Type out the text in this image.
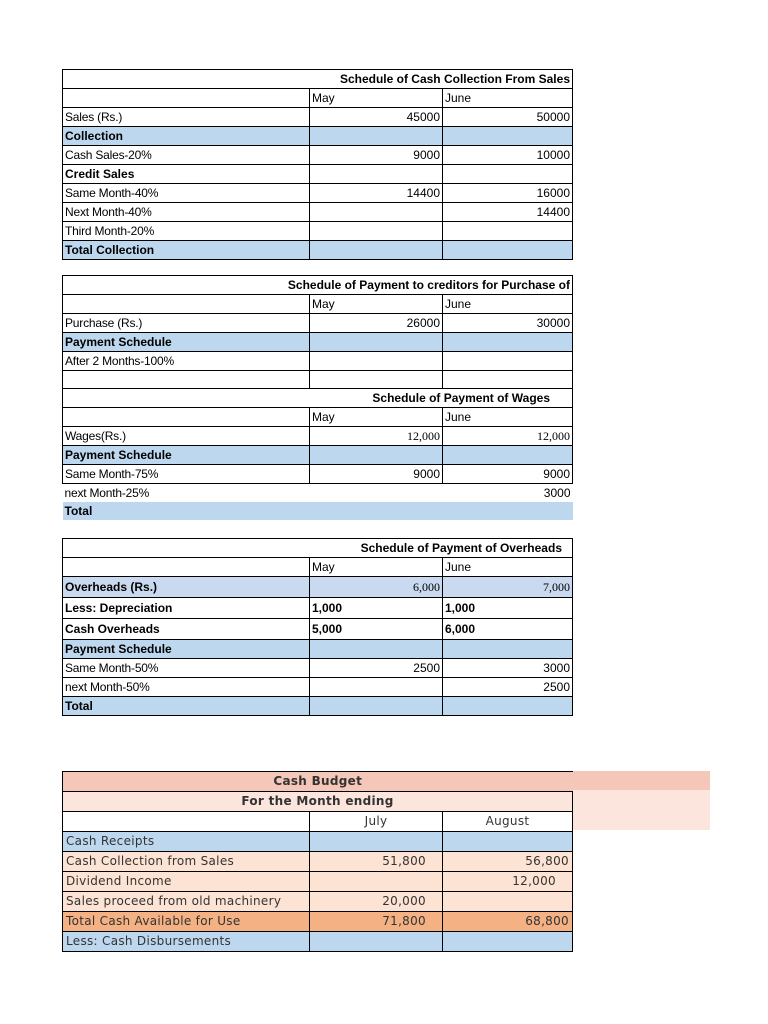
Schedule of Cash Collection From Sales		
	May	June
Sales (Rs.)	45000	50000
Collection		
Cash Sales-20%	9000	10000
Credit Sales		
Same Month-40%	14400	16000
Next Month-40%		14400
Third Month-20%		
Total Collection		
Schedule of Payment to creditors for Purchase of		
	May	June
Purchase (Rs.)	26000	30000
Payment Schedule		
After 2 Months-100%		

Schedule of Payment of Wages		
	May	June
Wages(Rs.)	12,000	12,000
Payment Schedule		
Same Month-75%	9000	9000
next Month-25%		3000
Total		
Schedule of Payment of Overheads		
	May	June
Overheads (Rs.)	6,000	7,000
Less: Depreciation	1,000	1,000
Cash Overheads	5,000	6,000
Payment Schedule		
Same Month-50%	2500	3000
next Month-50%		2500
Total		
Cash Budget		
For the Month ending		
	July	August
Cash Receipts		
Cash Collection from Sales	51,800	56,800
Dividend Income		12,000
Sales proceed from old machinery	20,000	
Total Cash Available for Use	71,800	68,800
Less: Cash Disbursements		
